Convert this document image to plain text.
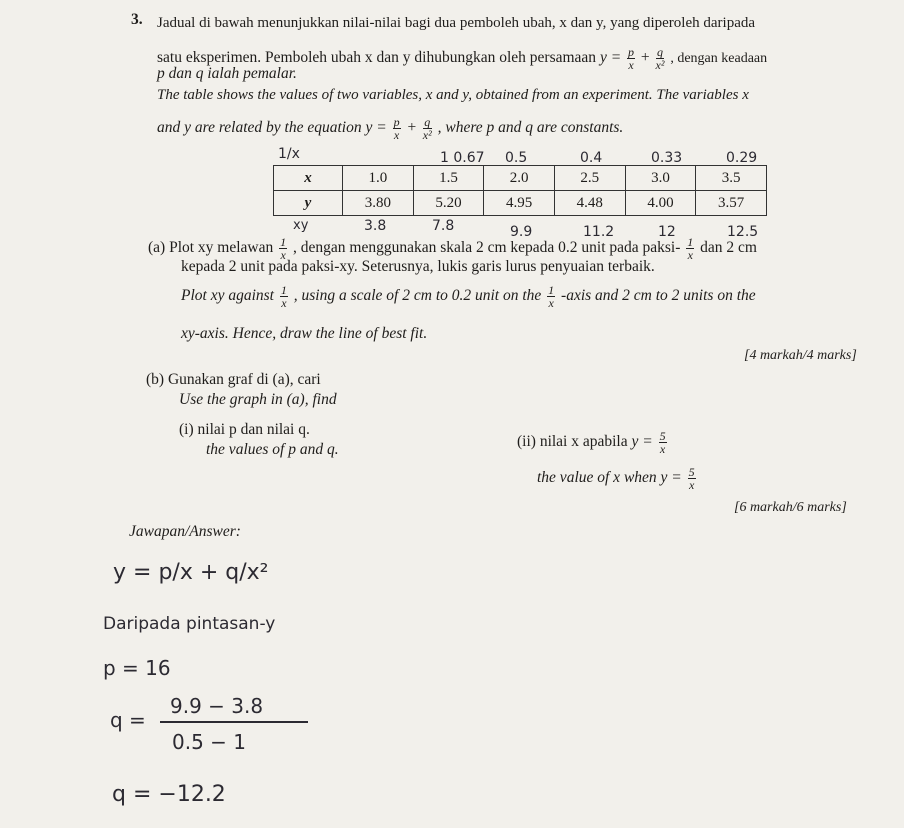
3. Jadual di bawah menunjukkan nilai-nilai bagi dua pemboleh ubah, x dan y, yang diperoleh daripada
satu eksperimen. Pemboleh ubah x dan y dihubungkan oleh persamaan $y = \frac{p}{x} + \frac{q}{\text{x²}}$ , dengan keadaan
p dan q ialah pemalar.
The table shows the values of two variables, x and y, obtained from an experiment. The variables x
and y are related by the equation $y = \frac{p}{x} + \frac{q}{\text{x²}}$ , where p and q are constants.
1/x	1 0.67 0.5	0.4	0.33	0.29
x	1.0	1.5	2.0	2.5	3.0	3.5
y	3.80	5.20	4.95	4.48	4.00	3.57
xy	3.8	7.8	9.9	11.2	12	12.5
(a) Plot xy melawan $\frac{1}{x}$ , dengan menggunakan skala 2 cm kepada 0.2 unit pada paksi- $\frac{1}{x}$ dan 2 cm
kepada 2 unit pada paksi-xy. Seterusnya, lukis garis lurus penyuaian terbaik.
Plot xy against $\frac{1}{x}$ , using a scale of 2 cm to 0.2 unit on the $\frac{1}{x}$ -axis and 2 cm to 2 units on the
xy-axis. Hence, draw the line of best fit.
[4 markah/4 marks]
(b) Gunakan graf di (a), cari
Use the graph in (a), find
(i) nilai p dan nilai q.
the values of p and q.	(ii) nilai x apabila $y = \frac{5}{x}$
the value of x when $y = \frac{5}{x}$
[6 markah/6 marks]
Jawapan/Answer:
y = p/x + q/x²
Daripada pintasan-y
p = 16
q =
9.9 − 3.8
0.5 − 1
q = −12.2
